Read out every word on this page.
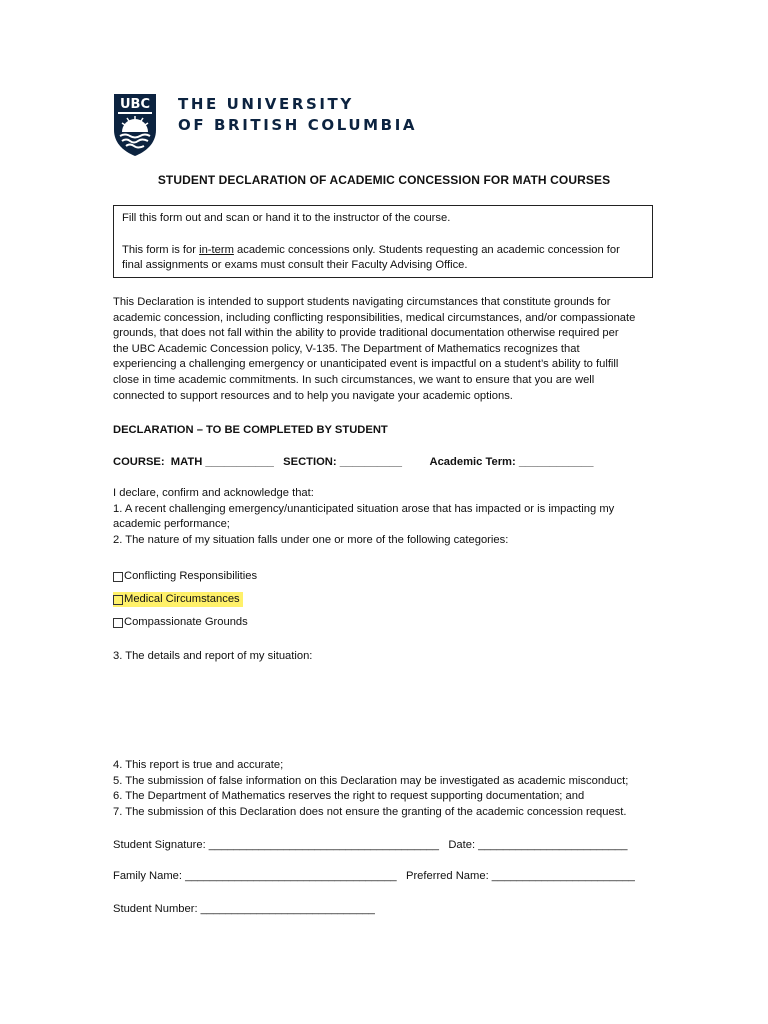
UBC THE UNIVERSITY
OF BRITISH COLUMBIA
STUDENT DECLARATION OF ACADEMIC CONCESSION FOR MATH COURSES

Fill this form out and scan or hand it to the instructor of the course.

This form is for in-term academic concessions only. Students requesting an academic concession for

final assignments or exams must consult their Faculty Advising Office.

This Declaration is intended to support students navigating circumstances that constitute grounds for
academic concession, including conflicting responsibilities, medical circumstances, and/or compassionate
grounds, that does not fall within the ability to provide traditional documentation otherwise required per
the UBC Academic Concession policy, V-135. The Department of Mathematics recognizes that
experiencing a challenging emergency or unanticipated event is impactful on a student’s ability to fulfill
close in time academic commitments. In such circumstances, we want to ensure that you are well
connected to support resources and to help you navigate your academic options.
DECLARATION – TO BE COMPLETED BY STUDENT
COURSE:  MATH ___________   SECTION: __________         Academic Term: ____________
I declare, confirm and acknowledge that:
1. A recent challenging emergency/unanticipated situation arose that has impacted or is impacting my
academic performance;
2. The nature of my situation falls under one or more of the following categories:
Conflicting Responsibilities
Medical Circumstances
Compassionate Grounds
3. The details and report of my situation:
4. This report is true and accurate;
5. The submission of false information on this Declaration may be investigated as academic misconduct;
6. The Department of Mathematics reserves the right to request supporting documentation; and
7. The submission of this Declaration does not ensure the granting of the academic concession request.
Student Signature: _____________________________________   Date: ________________________
Family Name: __________________________________   Preferred Name: _______________________
Student Number: ____________________________
